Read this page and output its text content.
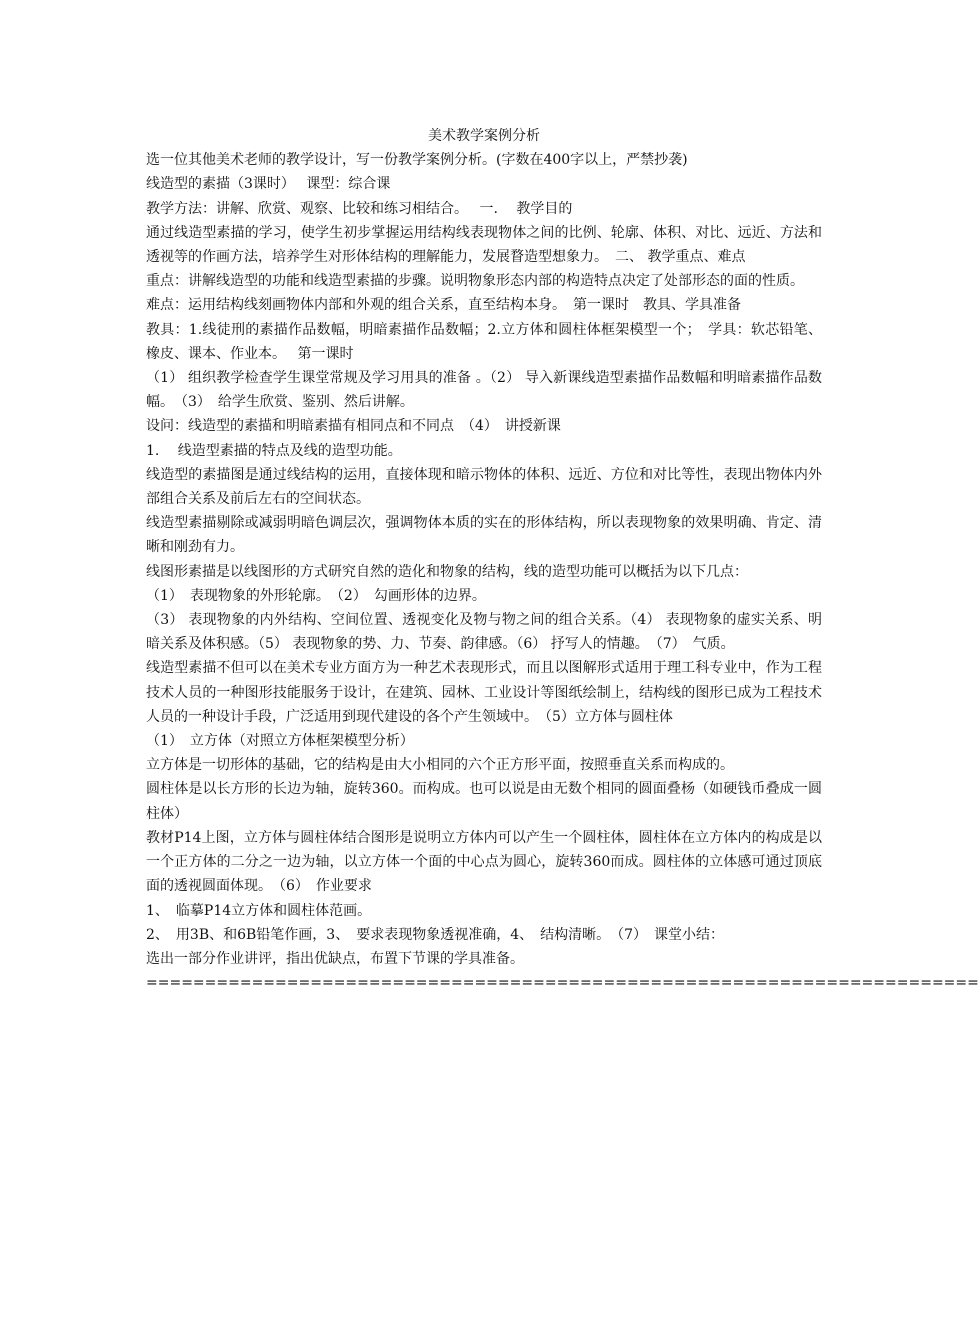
美术教学案例分析

选一位其他美术老师的教学设计，写一份教学案例分析。(字数在400字以上，严禁抄袭)

线造型的素描（3课时）　 课型：综合课

教学方法：讲解、欣赏、观察、比较和练习相结合。　 一.　 教学目的

通过线造型素描的学习，使学生初步掌握运用结构线表现物体之间的比例、轮廓、体积、对比、远近、方法和透视等的作画方法，培养学生对形体结构的理解能力，发展瞀造型想象力。　二、 教学重点、难点

重点：讲解线造型的功能和线造型素描的步骤。说明物象形态内部的构造特点决定了处部形态的面的性质。

难点：运用结构线刻画物体内部和外观的组合关系，直至结构本身。　第一课时　教具、学具准备

教具：1.线徒刑的素描作品数幅，明暗素描作品数幅；2.立方体和圆柱体框架模型一个；　学具：软芯铅笔、橡皮、课本、作业本。　 第一课时

（1） 组织教学检查学生课堂常规及学习用具的准备 。（2） 导入新课线造型素描作品数幅和明暗素描作品数幅。　（3）　给学生欣赏、鉴别、然后讲解。

设问：线造型的素描和明暗素描有相同点和不同点　（4）　讲授新课

1.　 线造型素描的特点及线的造型功能。

线造型的素描图是通过线结构的运用，直接体现和暗示物体的体积、远近、方位和对比等性，表现出物体内外部组合关系及前后左右的空间状态。

线造型素描剔除或减弱明暗色调层次，强调物体本质的实在的形体结构，所以表现物象的效果明确、肯定、清晰和刚劲有力。

线图形素描是以线图形的方式研究自然的造化和物象的结构，线的造型功能可以概括为以下几点：

（1）　表现物象的外形轮廓。　（2）　勾画形体的边界。

（3） 表现物象的内外结构、空间位置、透视变化及物与物之间的组合关系。（4） 表现物象的虚实关系、明暗关系及体积感。（5） 表现物象的势、力、节奏、韵律感。（6） 抒写人的情趣。　（7）　气质。

线造型素描不但可以在美术专业方面方为一种艺术表现形式，而且以图解形式适用于理工科专业中，作为工程技术人员的一种图形技能服务于设计，在建筑、园林、工业设计等图纸绘制上，结构线的图形已成为工程技术人员的一种设计手段，广泛适用到现代建设的各个产生领域中。　（5）立方体与圆柱体

（1）　立方体（对照立方体框架模型分析）

立方体是一切形体的基础，它的结构是由大小相同的六个正方形平面，按照垂直关系而构成的。

圆柱体是以长方形的长边为轴，旋转360。而构成。也可以说是由无数个相同的圆面叠杨（如硬钱币叠成一圆柱体）

教材P14上图，立方体与圆柱体结合图形是说明立方体内可以产生一个圆柱体，圆柱体在立方体内的构成是以一个正方体的二分之一边为轴，以立方体一个面的中心点为圆心，旋转360而成。圆柱体的立体感可通过顶底面的透视圆面体现。　（6）　作业要求

1、　临摹P14立方体和圆柱体范画。

2、　用3B、和6B铅笔作画，3、　要求表现物象透视准确，4、　结构清晰。　（7）　课堂小结：

选出一部分作业讲评，指出优缺点，布置下节课的学具准备。

=======================================================================
